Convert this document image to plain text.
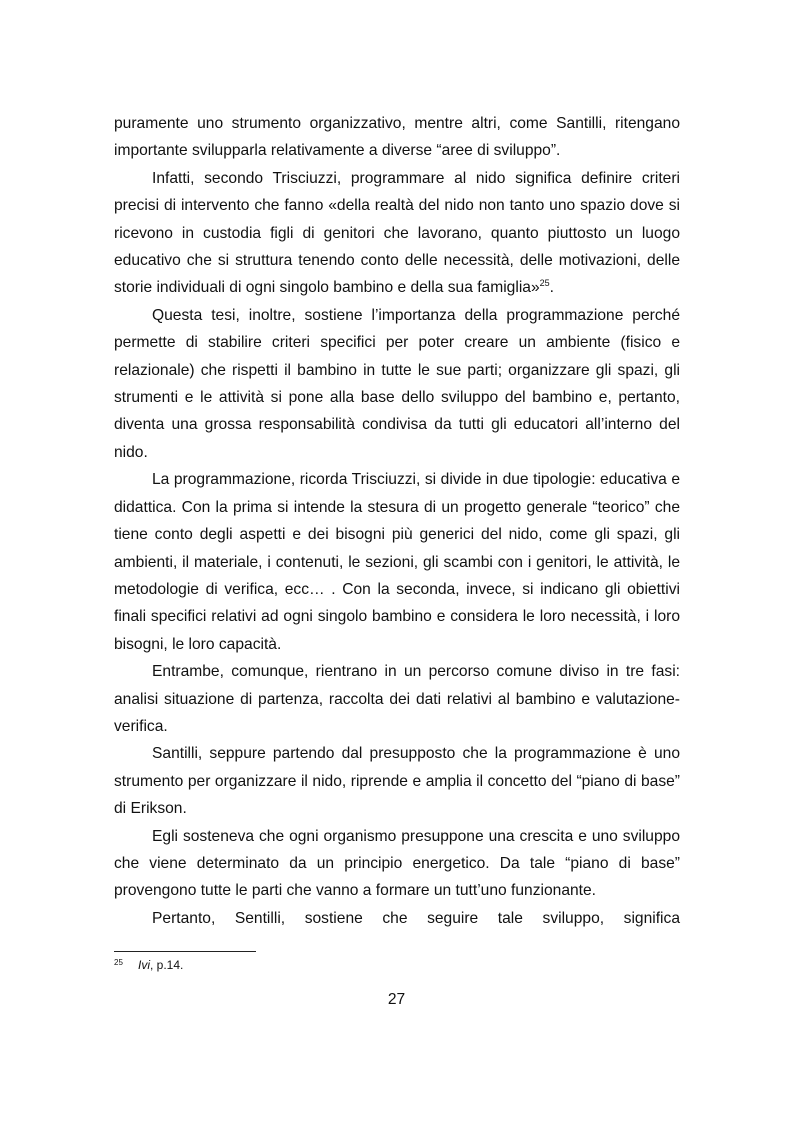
puramente uno strumento organizzativo, mentre altri, come Santilli, ritengano importante svilupparla relativamente a diverse “aree di sviluppo”.

Infatti, secondo Trisciuzzi, programmare al nido significa definire criteri precisi di intervento che fanno «della realtà del nido non tanto uno spazio dove si ricevono in custodia figli di genitori che lavorano, quanto piuttosto un luogo educativo che si struttura tenendo conto delle necessità, delle motivazioni, delle storie individuali di ogni singolo bambino e della sua famiglia»$^{25}$.

Questa tesi, inoltre, sostiene l’importanza della programmazione perché permette di stabilire criteri specifici per poter creare un ambiente (fisico e relazionale) che rispetti il bambino in tutte le sue parti; organizzare gli spazi, gli strumenti e le attività si pone alla base dello sviluppo del bambino e, pertanto, diventa una grossa responsabilità condivisa da tutti gli educatori all’interno del nido.

La programmazione, ricorda Trisciuzzi, si divide in due tipologie: educativa e didattica. Con la prima si intende la stesura di un progetto generale “teorico” che tiene conto degli aspetti e dei bisogni più generici del nido, come gli spazi, gli ambienti, il materiale, i contenuti, le sezioni, gli scambi con i genitori, le attività, le metodologie di verifica, ecc… . Con la seconda, invece, si indicano gli obiettivi finali specifici relativi ad ogni singolo bambino e considera le loro necessità, i loro bisogni, le loro capacità.

Entrambe, comunque, rientrano in un percorso comune diviso in tre fasi: analisi situazione di partenza, raccolta dei dati relativi al bambino e valutazione-verifica.

Santilli, seppure partendo dal presupposto che la programmazione è uno strumento per organizzare il nido, riprende e amplia il concetto del “piano di base” di Erikson.

Egli sosteneva che ogni organismo presuppone una crescita e uno sviluppo che viene determinato da un principio energetico. Da tale “piano di base” provengono tutte le parti che vanno a formare un tutt’uno funzionante.

Pertanto, Sentilli, sostiene che seguire tale sviluppo, significa

25	Ivi, p.14.
27
